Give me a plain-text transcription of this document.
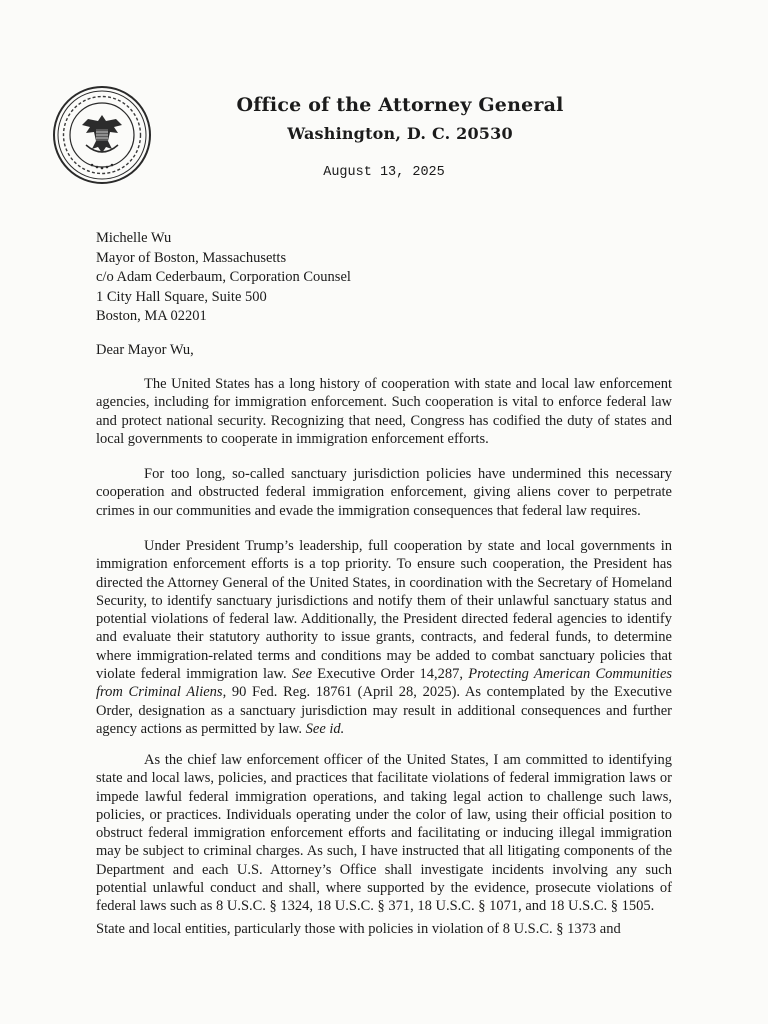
Office of the Attorney General
Washington, D. C. 20530
August 13, 2025
Michelle Wu
Mayor of Boston, Massachusetts
c/o Adam Cederbaum, Corporation Counsel
1 City Hall Square, Suite 500
Boston, MA 02201
Dear Mayor Wu,

The United States has a long history of cooperation with state and local law enforcement agencies, including for immigration enforcement. Such cooperation is vital to enforce federal law and protect national security. Recognizing that need, Congress has codified the duty of states and local governments to cooperate in immigration enforcement efforts.

For too long, so-called sanctuary jurisdiction policies have undermined this necessary cooperation and obstructed federal immigration enforcement, giving aliens cover to perpetrate crimes in our communities and evade the immigration consequences that federal law requires.

Under President Trump’s leadership, full cooperation by state and local governments in immigration enforcement efforts is a top priority. To ensure such cooperation, the President has directed the Attorney General of the United States, in coordination with the Secretary of Homeland Security, to identify sanctuary jurisdictions and notify them of their unlawful sanctuary status and potential violations of federal law. Additionally, the President directed federal agencies to identify and evaluate their statutory authority to issue grants, contracts, and federal funds, to determine where immigration-related terms and conditions may be added to combat sanctuary policies that violate federal immigration law. See Executive Order 14,287, Protecting American Communities from Criminal Aliens, 90 Fed. Reg. 18761 (April 28, 2025). As contemplated by the Executive Order, designation as a sanctuary jurisdiction may result in additional consequences and further agency actions as permitted by law. See id.

As the chief law enforcement officer of the United States, I am committed to identifying state and local laws, policies, and practices that facilitate violations of federal immigration laws or impede lawful federal immigration operations, and taking legal action to challenge such laws, policies, or practices. Individuals operating under the color of law, using their official position to obstruct federal immigration enforcement efforts and facilitating or inducing illegal immigration may be subject to criminal charges. As such, I have instructed that all litigating components of the Department and each U.S. Attorney’s Office shall investigate incidents involving any such potential unlawful conduct and shall, where supported by the evidence, prosecute violations of federal laws such as 8 U.S.C. § 1324, 18 U.S.C. § 371, 18 U.S.C. § 1071, and 18 U.S.C. § 1505.

State and local entities, particularly those with policies in violation of 8 U.S.C. § 1373 and
